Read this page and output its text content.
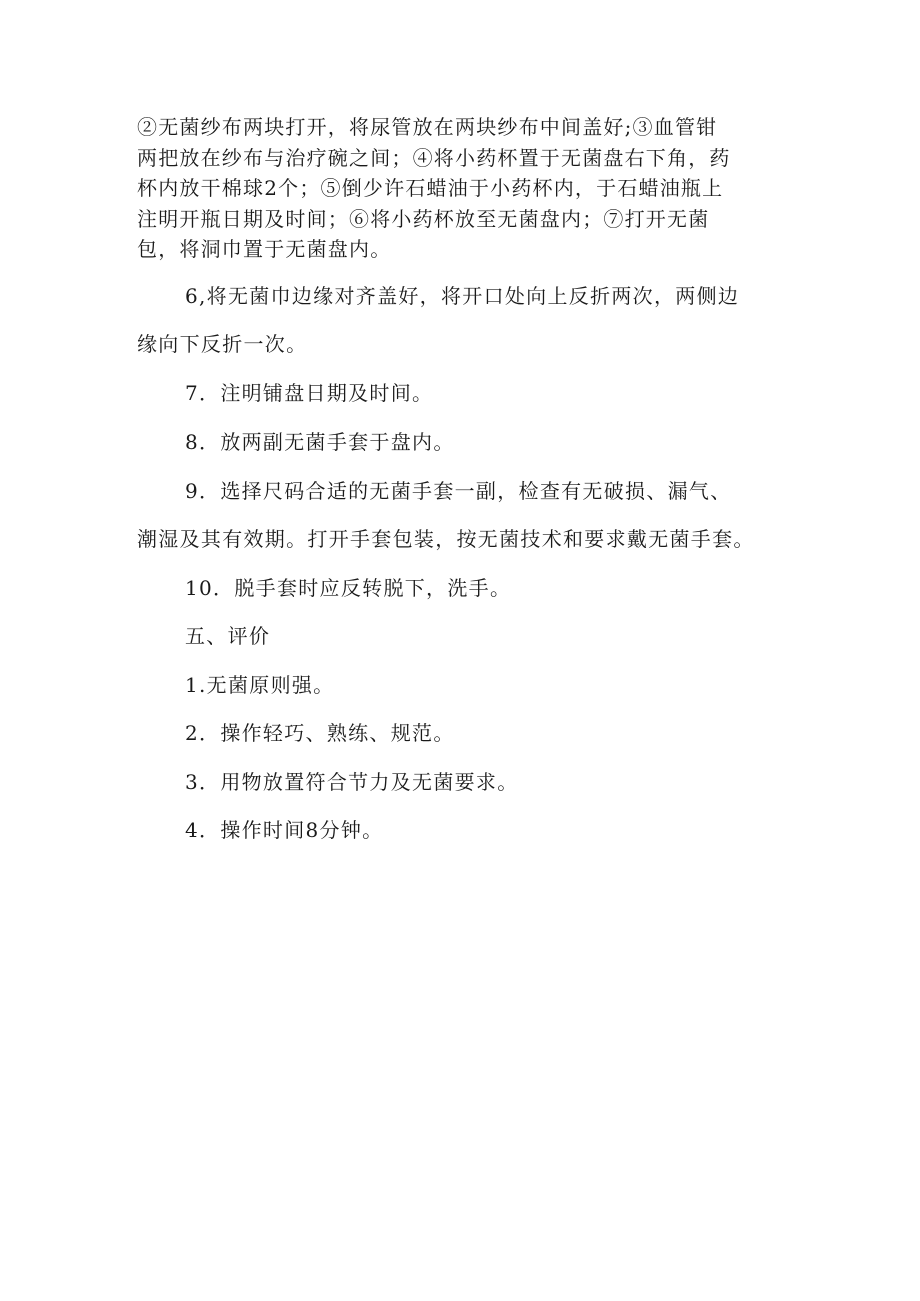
②无菌纱布两块打开，将尿管放在两块纱布中间盖好;③血管钳
两把放在纱布与治疗碗之间；④将小药杯置于无菌盘右下角，药
杯内放干棉球2个；⑤倒少许石蜡油于小药杯内，于石蜡油瓶上
注明开瓶日期及时间；⑥将小药杯放至无菌盘内；⑦打开无菌
包，将洞巾置于无菌盘内。
6,将无菌巾边缘对齐盖好，将开口处向上反折两次，两侧边
缘向下反折一次。
7．注明铺盘日期及时间。
8．放两副无菌手套于盘内。
9．选择尺码合适的无菌手套一副，检查有无破损、漏气、
潮湿及其有效期。打开手套包装，按无菌技术和要求戴无菌手套。
10．脱手套时应反转脱下，洗手。
五、评价
1.无菌原则强。
2．操作轻巧、熟练、规范。
3．用物放置符合节力及无菌要求。
4．操作时间8分钟。
